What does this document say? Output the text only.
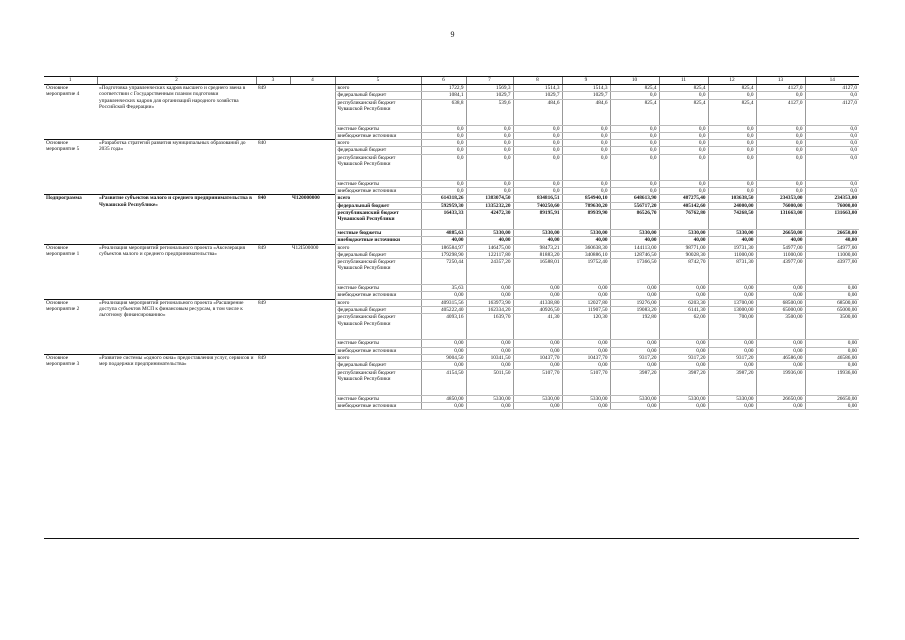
9
1	2	3	4	5	6	7	8	9	10	11	12	13	14
Основное мероприятие 4	«Подготовка управленческих кадров высшего и среднего звена в соответствии с Государственным планом подготовки управленческих кадров для организаций народного хозяйства Российской Федерации»	849		всего	1722,9	1569,3	1514,3	1514,3	825,4	825,4	825,4	4127,0	4127,0
				федеральный бюджет	1084,1	1029,7	1029,7	1029,7	0,0	0,0	0,0	0,0	0,0
				республиканский бюджет Чувашской Республики	638,8	539,6	484,6	484,6	825,4	825,4	825,4	4127,0	4127,0
				местные бюджеты	0,0	0,0	0,0	0,0	0,0	0,0	0,0	0,0	0,0
				внебюджетные источники	0,0	0,0	0,0	0,0	0,0	0,0	0,0	0,0	0,0
Основное мероприятие 5	«Разработка стратегий развития муниципальных образований до 2035 года»	840		всего	0,0	0,0	0,0	0,0	0,0	0,0	0,0	0,0	0,0
				федеральный бюджет	0,0	0,0	0,0	0,0	0,0	0,0	0,0	0,0	0,0
				республиканский бюджет Чувашской Республики	0,0	0,0	0,0	0,0	0,0	0,0	0,0	0,0	0,0
				местные бюджеты	0,0	0,0	0,0	0,0	0,0	0,0	0,0	0,0	0,0
				внебюджетные источники	0,0	0,0	0,0	0,0	0,0	0,0	0,0	0,0	0,0
Подпрограмма	«Развитие субъектов малого и среднего предпринимательства в Чувашской Республике»	840	Ч120000000	всего	614318,26	1383074,50	834816,51	854940,10	648613,90	487275,40	103638,50	234353,00	234353,00
				федеральный бюджет	592959,30	1335232,20	740250,60	789630,20	556717,20	405142,60	24000,00	76000,00	76000,00
				республиканский бюджет Чувашской Республики	16433,33	42472,30	89195,91	89939,90	86526,70	76762,80	74268,50	131663,00	131663,00
				местные бюджеты	4885,63	5330,00	5330,00	5330,00	5330,00	5330,00	5330,00	26650,00	26650,00
				внебюджетные источники	40,00	40,00	40,00	40,00	40,00	40,00	40,00	40,00	40,00
Основное мероприятие 1	«Реализация мероприятий регионального проекта «Акселерация субъектов малого и среднего предпринимательства»	849	Ч12I500000	всего	186584,97	146475,00	98473,21	360638,30	144113,00	98771,00	19731,30	54977,00	54977,00
				федеральный бюджет	179298,90	122117,80	81883,20	340886,10	128746,50	90028,30	11000,00	11000,00	11000,00
				республиканский бюджет Чувашской Республики	7250,44	24357,20	16588,01	19752,40	17366,50	8742,70	8731,30	43977,00	43977,00
				местные бюджеты	35,63	0,00	0,00	0,00	0,00	0,00	0,00	0,00	0,00
				внебюджетные источники	0,00	0,00	0,00	0,00	0,00	0,00	0,00	0,00	0,00
Основное мероприятие 2	«Реализация мероприятий регионального проекта «Расширение доступа субъектов МСП к финансовым ресурсам, в том числе к льготному финансированию»	849		всего	409315,56	163973,90	41338,80	12027,80	19276,00	6203,30	13700,00	68500,00	68500,00
				федеральный бюджет	405222,40	162334,20	40926,50	11907,50	19083,20	6141,30	13000,00	65000,00	65000,00
				республиканский бюджет Чувашской Республики	4093,16	1639,70	41,30	120,30	192,80	62,00	700,00	3500,00	3500,00
				местные бюджеты	0,00	0,00	0,00	0,00	0,00	0,00	0,00	0,00	0,00
				внебюджетные источники	0,00	0,00	0,00	0,00	0,00	0,00	0,00	0,00	0,00
Основное мероприятие 3	«Развитие системы «одного окна» предоставления услуг, сервисов и мер поддержки предпринимательства»	849		всего	9004,50	10341,50	10437,70	10437,70	9317,20	9317,20	9317,20	46586,00	46586,00
				федеральный бюджет	0,00	0,00	0,00	0,00	0,00	0,00	0,00	0,00	0,00
				республиканский бюджет Чувашской Республики	4154,50	5011,50	5107,70	5107,70	3987,20	3987,20	3987,20	19936,00	19936,00
				местные бюджеты	4850,00	5330,00	5330,00	5330,00	5330,00	5330,00	5330,00	26650,00	26650,00
				внебюджетные источники	0,00	0,00	0,00	0,00	0,00	0,00	0,00	0,00	0,00
